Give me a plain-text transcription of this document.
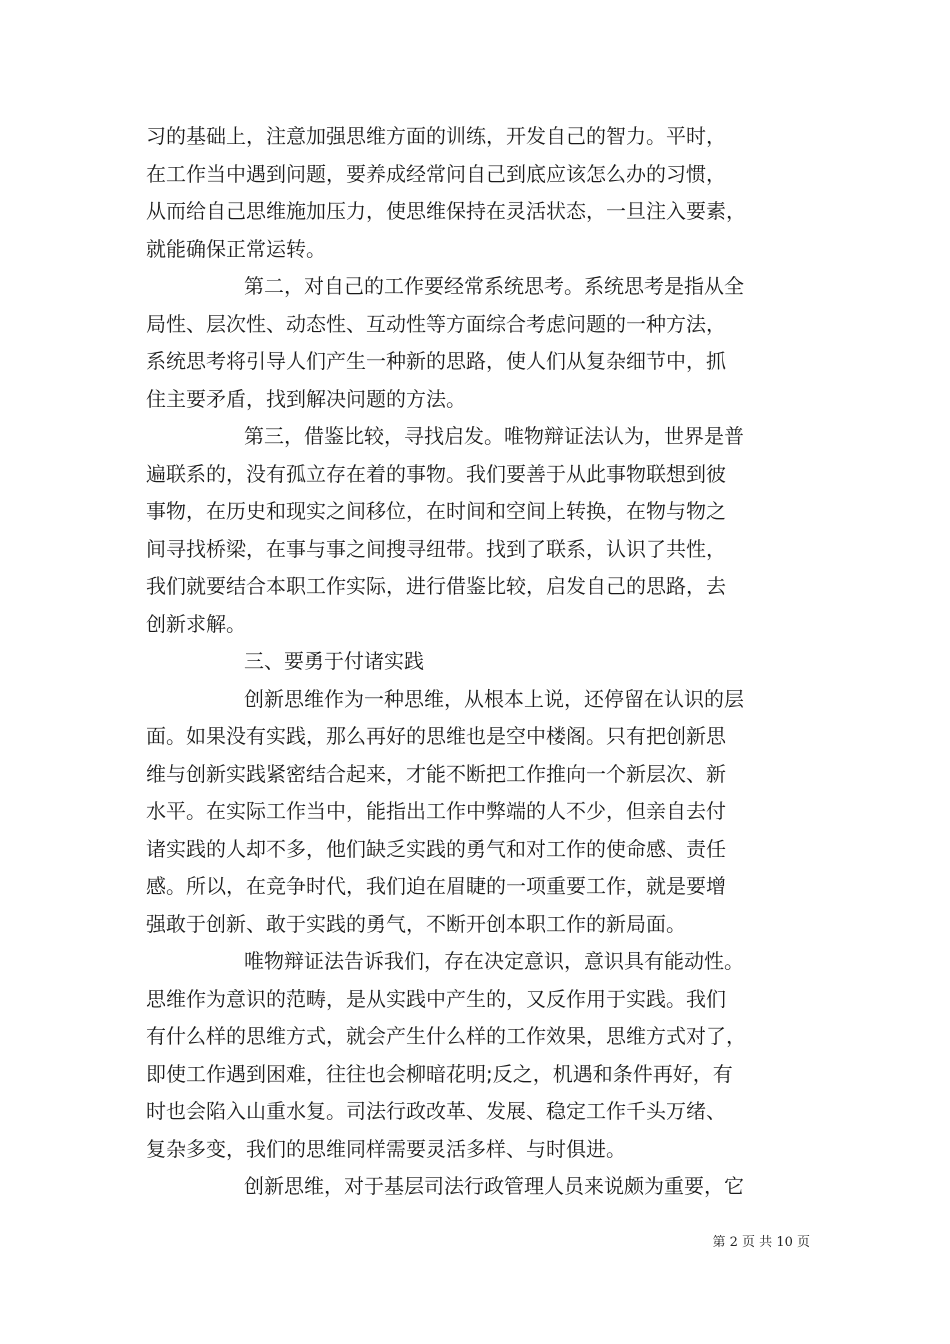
习的基础上，注意加强思维方面的训练，开发自己的智力。平时，
在工作当中遇到问题，要养成经常问自己到底应该怎么办的习惯，
从而给自己思维施加压力，使思维保持在灵活状态，一旦注入要素，
就能确保正常运转。
第二，对自己的工作要经常系统思考。系统思考是指从全
局性、层次性、动态性、互动性等方面综合考虑问题的一种方法，
系统思考将引导人们产生一种新的思路，使人们从复杂细节中，抓
住主要矛盾，找到解决问题的方法。
第三，借鉴比较，寻找启发。唯物辩证法认为，世界是普
遍联系的，没有孤立存在着的事物。我们要善于从此事物联想到彼
事物，在历史和现实之间移位，在时间和空间上转换，在物与物之
间寻找桥梁，在事与事之间搜寻纽带。找到了联系，认识了共性，
我们就要结合本职工作实际，进行借鉴比较，启发自己的思路，去
创新求解。
三、要勇于付诸实践
创新思维作为一种思维，从根本上说，还停留在认识的层
面。如果没有实践，那么再好的思维也是空中楼阁。只有把创新思
维与创新实践紧密结合起来，才能不断把工作推向一个新层次、新
水平。在实际工作当中，能指出工作中弊端的人不少，但亲自去付
诸实践的人却不多，他们缺乏实践的勇气和对工作的使命感、责任
感。所以，在竞争时代，我们迫在眉睫的一项重要工作，就是要增
强敢于创新、敢于实践的勇气，不断开创本职工作的新局面。
唯物辩证法告诉我们，存在决定意识，意识具有能动性。
思维作为意识的范畴，是从实践中产生的，又反作用于实践。我们
有什么样的思维方式，就会产生什么样的工作效果，思维方式对了，
即使工作遇到困难，往往也会柳暗花明;反之，机遇和条件再好，有
时也会陷入山重水复。司法行政改革、发展、稳定工作千头万绪、
复杂多变，我们的思维同样需要灵活多样、与时俱进。
创新思维，对于基层司法行政管理人员来说颇为重要，它
第 2 页 共 10 页
